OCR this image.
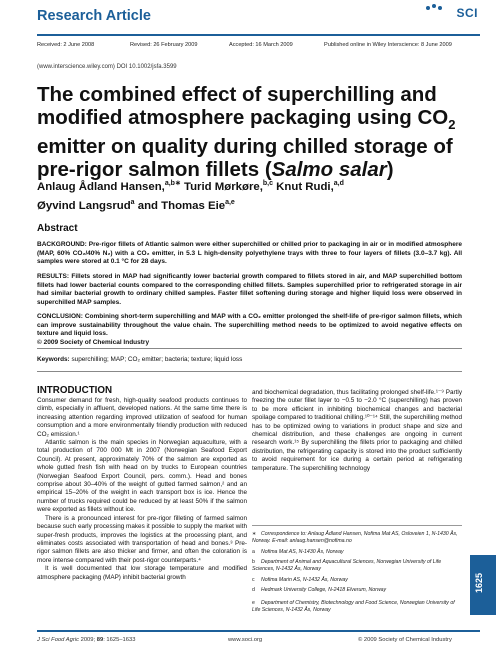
Research Article	SCI
Received: 2 June 2008	Revised: 26 February 2009	Accepted: 16 March 2009	Published online in Wiley Interscience: 8 June 2009
(www.interscience.wiley.com) DOI 10.1002/jsfa.3599
The combined effect of superchilling and
modified atmosphere packaging using $CO_2$
emitter on quality during chilled storage of
pre-rigor salmon fillets (Salmo salar)
Anlaug Ådland Hansen,$^{a,b∗}$ Turid Mørkøre,$^{b,c}$ Knut Rudi,$^{a,d}$
Øyvind Langsrud$^a$ and Thomas Eie$^{a,e}$
Abstract
BACKGROUND: Pre-rigor fillets of Atlantic salmon were either superchilled or chilled prior to packaging in air or in modified atmosphere (MAP, 60% CO₂/40% N₂) with a CO₂ emitter, in 5.3 L high-density polyethylene trays with three to four layers of fillets (3.0–3.7 kg). All samples were stored at 0.1 °C for 28 days.
RESULTS: Fillets stored in MAP had significantly lower bacterial growth compared to fillets stored in air, and MAP superchilled bottom fillets had lower bacterial counts compared to the corresponding chilled fillets. Samples superchilled prior to refrigerated storage in air had similar bacterial growth to ordinary chilled samples. Faster fillet softening during storage and higher liquid loss were observed in superchilled MAP samples.
CONCLUSION: Combining short-term superchilling and MAP with a CO₂ emitter prolonged the shelf-life of pre-rigor salmon fillets, which can improve sustainability throughout the value chain. The superchilling method needs to be optimized to avoid negative effects on texture and liquid loss.
© 2009 Society of Chemical Industry
Keywords: superchilling; MAP; CO₂ emitter; bacteria; texture; liquid loss
INTRODUCTION

Consumer demand for fresh, high-quality seafood products continues to climb, especially in affluent, developed nations. At the same time there is increasing attention regarding improved utilization of seafood for human consumption and a more environmentally friendly production with reduced CO₂ emission.¹

Atlantic salmon is the main species in Norwegian aquaculture, with a total production of 700 000 Mt in 2007 (Norwegian Seafood Export Council). At present, approximately 70% of the salmon are exported as whole gutted fresh fish with head on by trucks to European countries (Norwegian Seafood Export Council, pers. comm.). Head and bones comprise about 30–40% of the weight of gutted farmed salmon,² and an empirical 15–20% of the weight in each transport box is ice. Hence the number of trucks required could be reduced by at least 50% if the salmon were exported as fillets without ice.

There is a pronounced interest for pre-rigor filleting of farmed salmon because such early processing makes it possible to supply the market with super-fresh products, improves the logistics at the processing plant, and eliminates costs associated with transportation of head and bones.³ Pre-rigor salmon fillets are also thicker and firmer, and often the coloration is more intense compared with their post-rigor counterparts.⁴

It is well documented that low storage temperature and modified atmosphere packaging (MAP) inhibit bacterial growth

and biochemical degradation, thus facilitating prolonged shelf-life.¹⁻⁹ Partly freezing the outer fillet layer to −0.5 to −2.0 °C (superchilling) has proven to be more efficient in inhibiting biochemical changes and bacterial spoilage compared to traditional chilling.¹⁰⁻¹⁴ Still, the superchilling method has to be optimized owing to variations in product shape and size and chemical distribution, and these challenges are ongoing in current research work.¹⁵ By superchilling the fillets prior to packaging and chilled distribution, the refrigerating capacity is stored into the product sufficiently to avoid requirement for ice during a certain period at refrigerating temperature. The superchilling technology

∗ Correspondence to: Anlaug Ådland Hansen, Nofima Mat AS, Osloveien 1, N-1430 Ås, Norway. E-mail: anlaug.hansen@nofima.no
a Nofima Mat AS, N-1430 Ås, Norway
b Department of Animal and Aquacultural Sciences, Norwegian University of Life Sciences, N-1432 Ås, Norway
c Nofima Marin AS, N-1432 Ås, Norway
d Hedmark University College, N-2418 Elverum, Norway
e Department of Chemistry, Biotechnology and Food Science, Norwegian University of Life Sciences, N-1432 Ås, Norway
1625
J Sci Food Agric 2009; 89: 1625–1633	www.soci.org	© 2009 Society of Chemical Industry
